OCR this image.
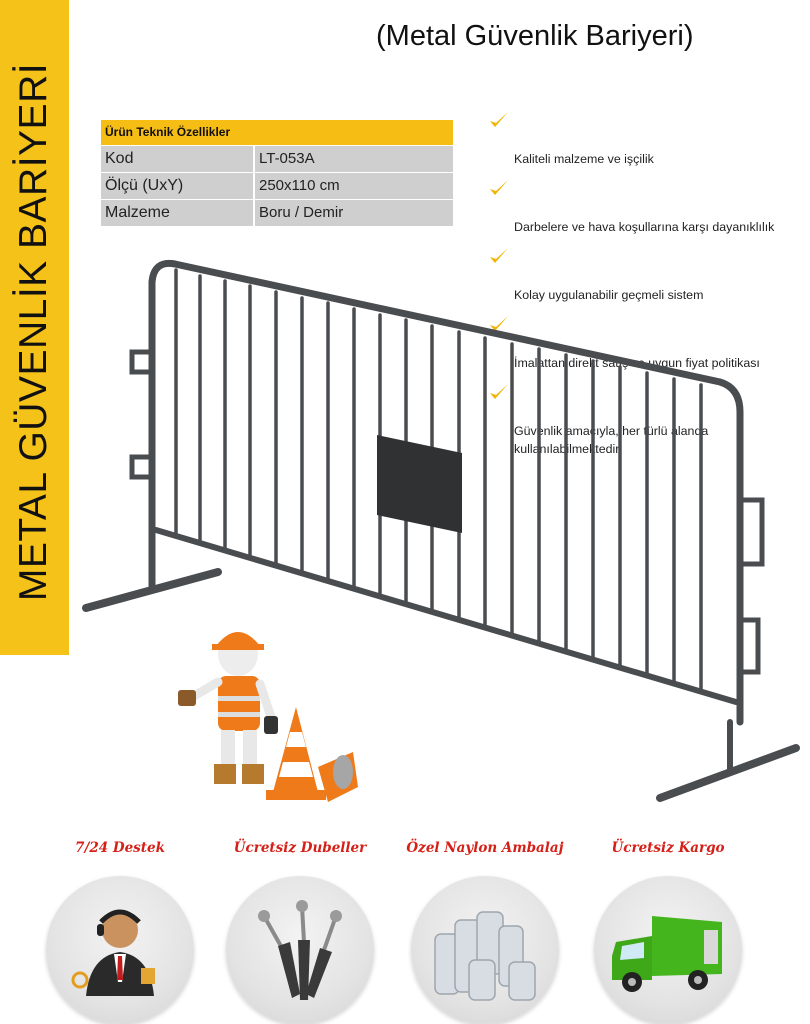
METAL GÜVENLİK BARİYERİ
(Metal Güvenlik Bariyeri)
Ürün Teknik Özellikler	
Kod	LT-053A
Ölçü (UxY)	250x110 cm
Malzeme	Boru / Demir

Kaliteli malzeme ve işçilik

Darbelere ve hava koşullarına karşı dayanıklılık

Kolay uygulanabilir geçmeli sistem

İmalattan direkt satış ve uygun fiyat politikası

Güvenlik amacıyla, her türlü alanda
kullanılabilmektedir.

7/24 Destek	Ücretsiz Dubeller	Özel Naylon Ambalaj	Ücretsiz Kargo
